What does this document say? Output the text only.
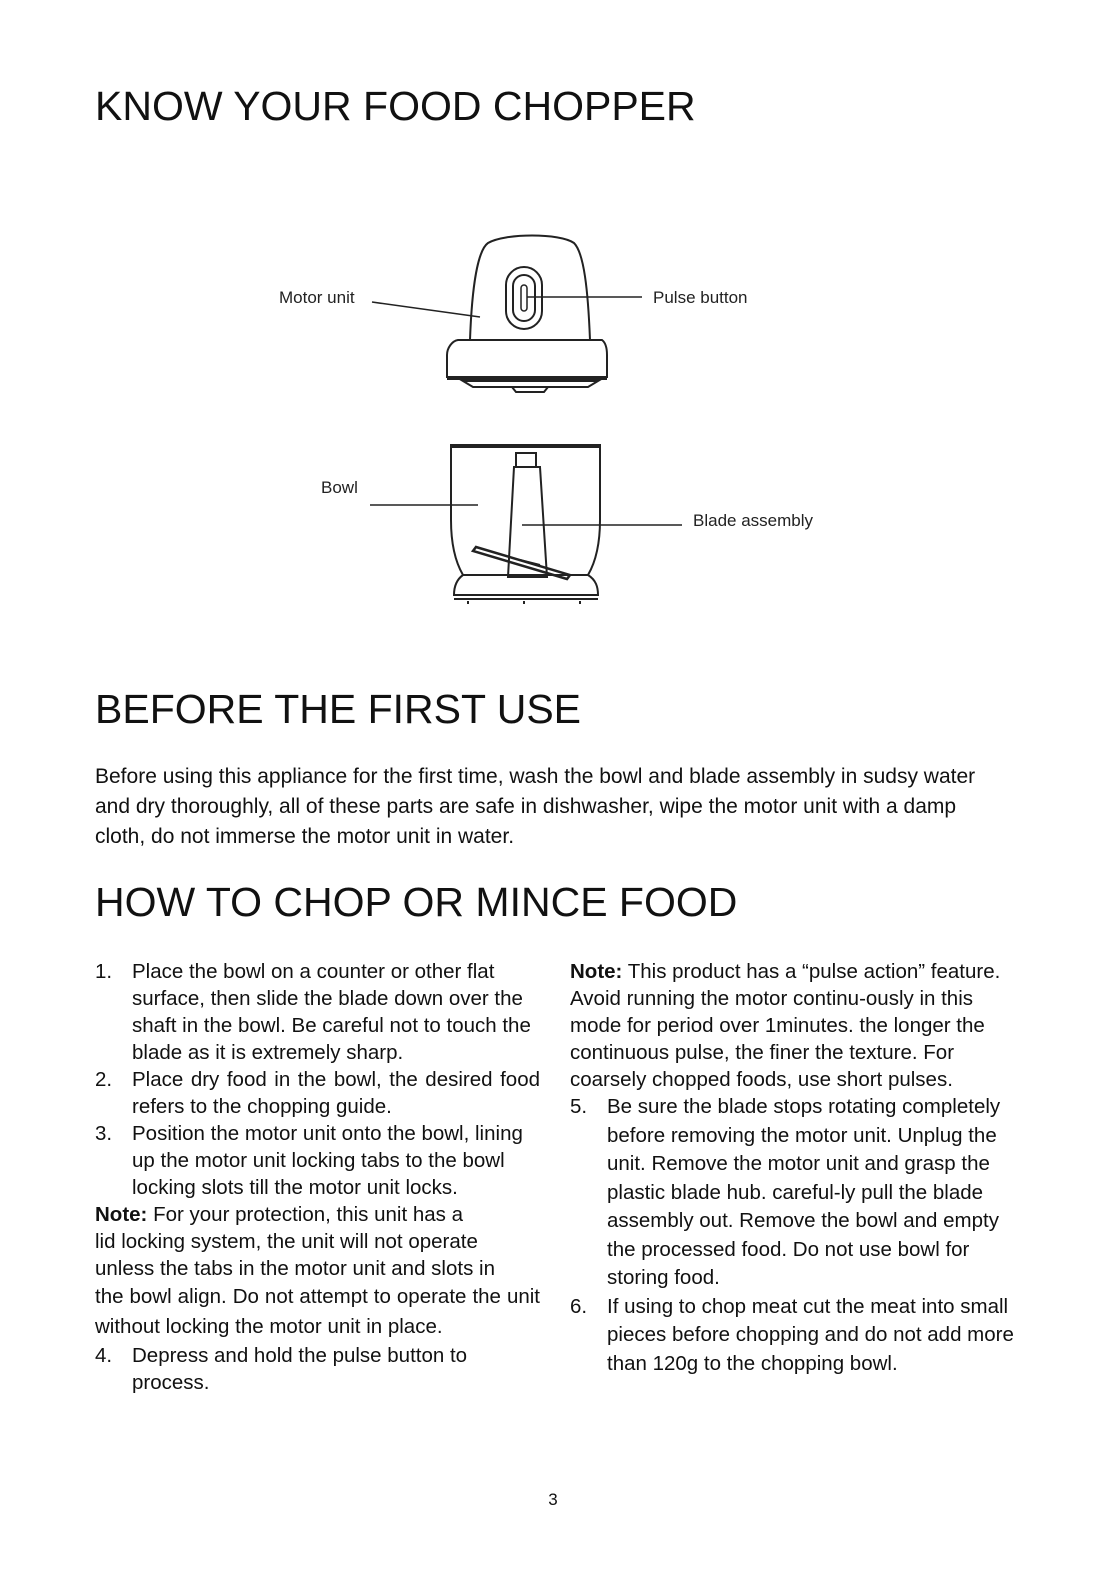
KNOW YOUR FOOD CHOPPER
Motor unit	Pulse button
Bowl
Blade assembly
BEFORE THE FIRST USE

Before using this appliance for the first time, wash the bowl and blade assembly in sudsy water and dry thoroughly, all of these parts are safe in dishwasher, wipe the motor unit with a damp cloth, do not immerse the motor unit in water.

HOW TO CHOP OR MINCE FOOD
1. Place the bowl on a counter or other flat surface, then slide the blade down over the shaft in the bowl. Be careful not to touch the blade as it is extremely sharp.
2. Place dry food in the bowl, the desired food refers to the chopping guide.
3. Position the motor unit onto the bowl, lining up the motor unit locking tabs to the bowl locking slots till the motor unit locks.

Note: For your protection, this unit has a
lid locking system, the unit will not operate
unless the tabs in the motor unit and slots in

the bowl align. Do not attempt to operate the unit without locking the motor unit in place.

4. Depress and hold the pulse button to process.

Note: This product has a “pulse action” feature. Avoid running the motor continu-ously in this mode for period over 1minutes. the longer the continuous pulse, the finer the texture. For coarsely chopped foods, use short pulses.

5. Be sure the blade stops rotating completely before removing the motor unit. Unplug the unit. Remove the motor unit and grasp the plastic blade hub. careful-ly pull the blade assembly out. Remove the bowl and empty the processed food. Do not use bowl for storing food.
6. If using to chop meat cut the meat into small pieces before chopping and do not add more than 120g to the chopping bowl.
3
